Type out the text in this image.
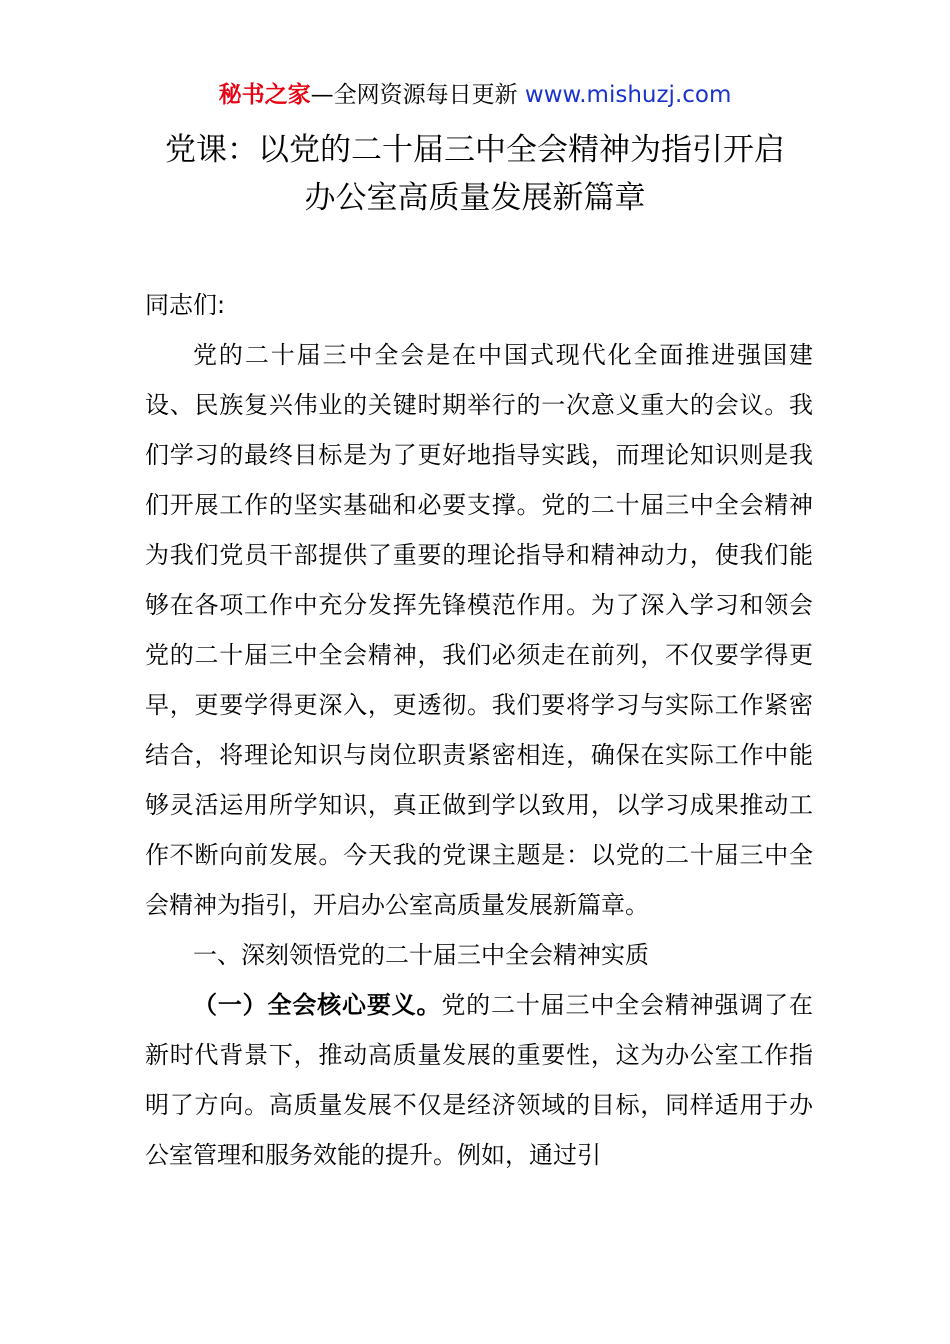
秘书之家—全网资源每日更新 www.mishuzj.com
党课：以党的二十届三中全会精神为指引开启
办公室高质量发展新篇章

同志们:

党的二十届三中全会是在中国式现代化全面推进强国建设、民族复兴伟业的关键时期举行的一次意义重大的会议。我们学习的最终目标是为了更好地指导实践，而理论知识则是我们开展工作的坚实基础和必要支撑。党的二十届三中全会精神为我们党员干部提供了重要的理论指导和精神动力，使我们能够在各项工作中充分发挥先锋模范作用。为了深入学习和领会党的二十届三中全会精神，我们必须走在前列，不仅要学得更早，更要学得更深入，更透彻。我们要将学习与实际工作紧密结合，将理论知识与岗位职责紧密相连，确保在实际工作中能够灵活运用所学知识，真正做到学以致用，以学习成果推动工作不断向前发展。今天我的党课主题是：以党的二十届三中全会精神为指引，开启办公室高质量发展新篇章。

一、深刻领悟党的二十届三中全会精神实质

（一）全会核心要义。党的二十届三中全会精神强调了在新时代背景下，推动高质量发展的重要性，这为办公室工作指明了方向。高质量发展不仅是经济领域的目标，同样适用于办公室管理和服务效能的提升。例如，通过引
